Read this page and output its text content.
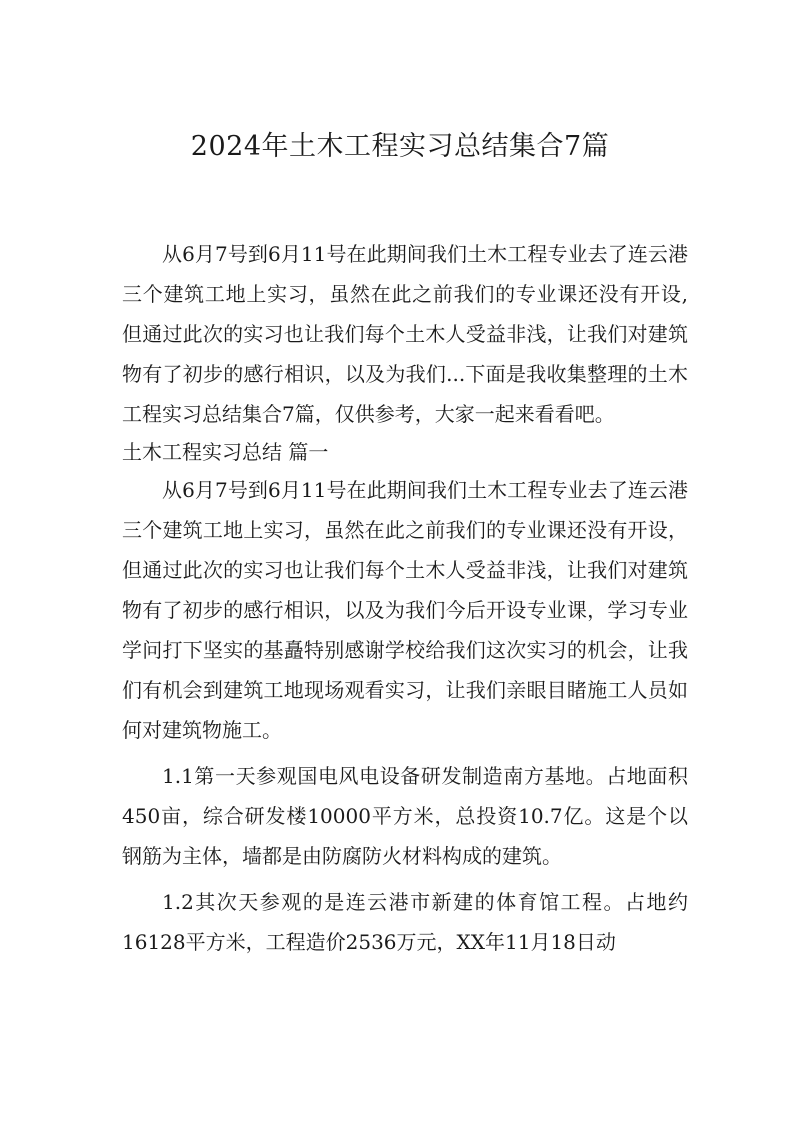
2024年土木工程实习总结集合7篇

从6月7号到6月11号在此期间我们土木工程专业去了连云港三个建筑工地上实习，虽然在此之前我们的专业课还没有开设,但通过此次的实习也让我们每个土木人受益非浅，让我们对建筑物有了初步的感行相识，以及为我们...下面是我收集整理的土木工程实习总结集合7篇，仅供参考，大家一起来看看吧。

土木工程实习总结 篇一

从6月7号到6月11号在此期间我们土木工程专业去了连云港三个建筑工地上实习，虽然在此之前我们的专业课还没有开设，但通过此次的实习也让我们每个土木人受益非浅，让我们对建筑物有了初步的感行相识，以及为我们今后开设专业课，学习专业学问打下坚实的基矗特别感谢学校给我们这次实习的机会，让我们有机会到建筑工地现场观看实习，让我们亲眼目睹施工人员如何对建筑物施工。

1.1第一天参观国电风电设备研发制造南方基地。占地面积450亩，综合研发楼10000平方米，总投资10.7亿。这是个以钢筋为主体，墙都是由防腐防火材料构成的建筑。

1.2其次天参观的是连云港市新建的体育馆工程。占地约16128平方米，工程造价2536万元，XX年11月18日动
